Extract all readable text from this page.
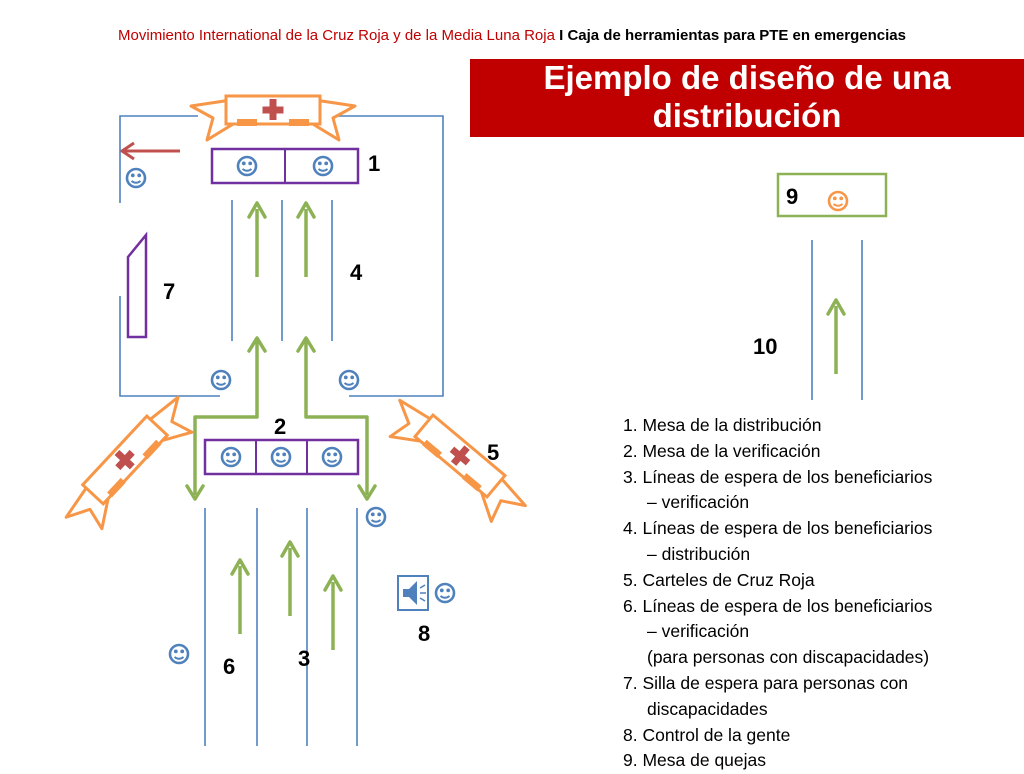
Movimiento International de la Cruz Roja y de la Media Luna Roja I Caja de herramientas para PTE en emergencias
Ejemplo de diseño de una
distribución
1
2
3
4
5
6
7
8
9
10
1. Mesa de la distribución
2. Mesa de la verificación
3. Líneas de espera de los beneficiarios
– verificación
4. Líneas de espera de los beneficiarios
– distribución
5. Carteles de Cruz Roja
6. Líneas de espera de los beneficiarios
– verificación
(para personas con discapacidades)
7. Silla de espera para personas con
discapacidades
8. Control de la gente
9. Mesa de quejas
